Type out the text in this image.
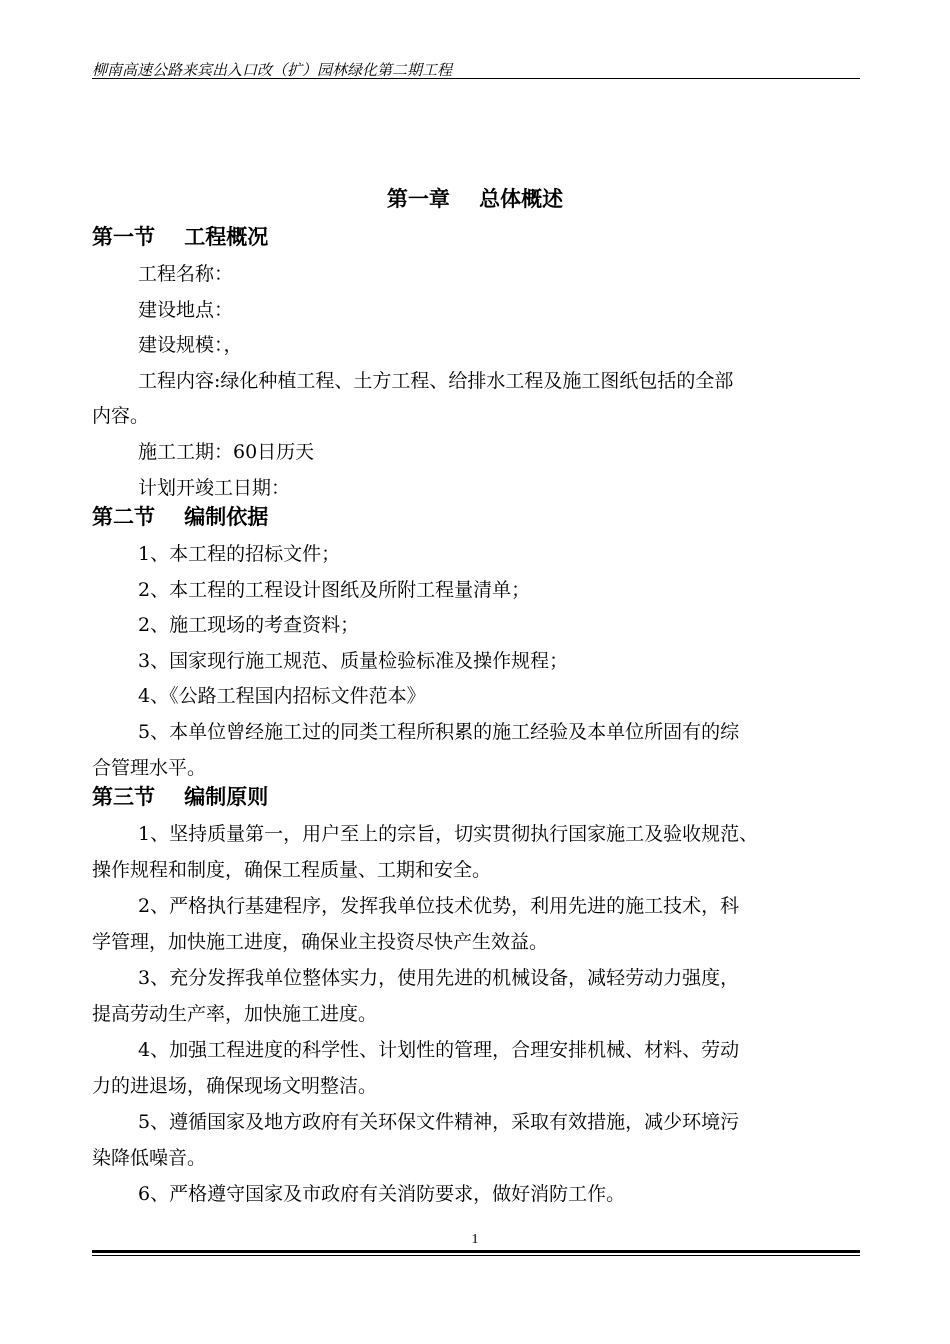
柳南高速公路来宾出入口改（扩）园林绿化第二期工程
第一章    总体概述
第一节    工程概况
工程名称：
建设地点：
建设规模：，
工程内容:绿化种植工程、土方工程、给排水工程及施工图纸包括的全部
内容。
施工工期：60日历天
计划开竣工日期：
第二节    编制依据
1、本工程的招标文件；
2、本工程的工程设计图纸及所附工程量清单；
2、施工现场的考查资料；
3、国家现行施工规范、质量检验标准及操作规程；
4、《公路工程国内招标文件范本》
5、本单位曾经施工过的同类工程所积累的施工经验及本单位所固有的综
合管理水平。
第三节    编制原则
1、坚持质量第一，用户至上的宗旨，切实贯彻执行国家施工及验收规范、
操作规程和制度，确保工程质量、工期和安全。
2、严格执行基建程序，发挥我单位技术优势，利用先进的施工技术，科
学管理，加快施工进度，确保业主投资尽快产生效益。
3、充分发挥我单位整体实力，使用先进的机械设备，减轻劳动力强度，
提高劳动生产率，加快施工进度。
4、加强工程进度的科学性、计划性的管理，合理安排机械、材料、劳动
力的进退场，确保现场文明整洁。
5、遵循国家及地方政府有关环保文件精神，采取有效措施，减少环境污
染降低噪音。
6、严格遵守国家及市政府有关消防要求，做好消防工作。
1
